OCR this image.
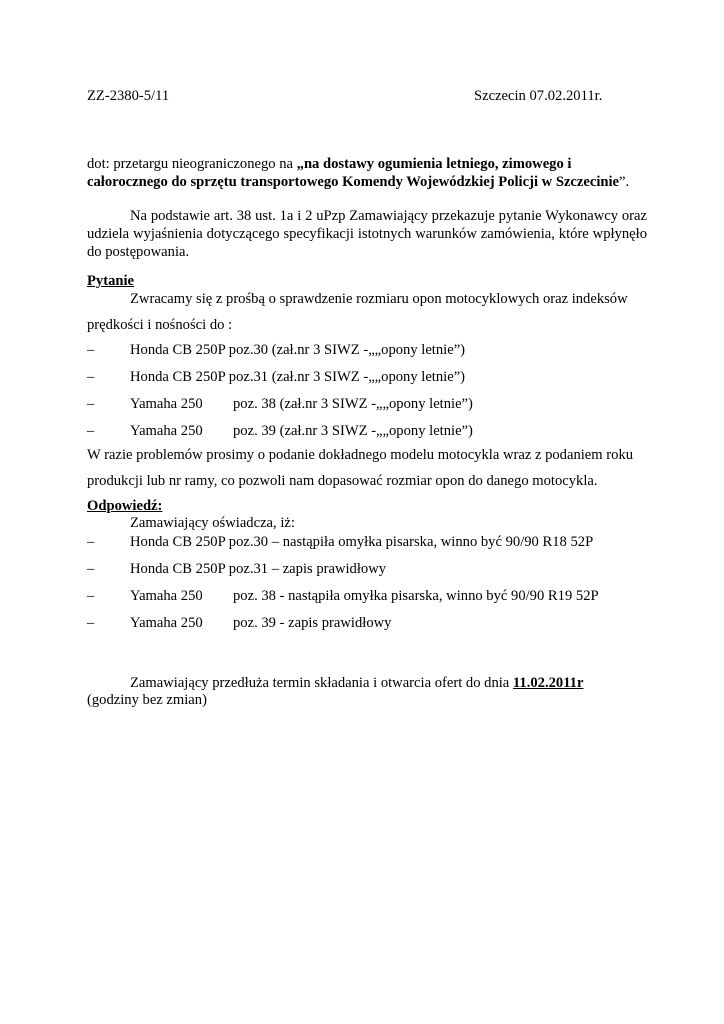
ZZ-2380-5/11	Szczecin 07.02.2011r.

dot: przetargu nieograniczonego na „na dostawy ogumienia letniego, zimowego i całorocznego do sprzętu transportowego Komendy Wojewódzkiej Policji w Szczecinie”.

Na podstawie art. 38 ust. 1a i 2 uPzp Zamawiający przekazuje pytanie Wykonawcy oraz udziela wyjaśnienia dotyczącego specyfikacji istotnych warunków zamówienia, które wpłynęło do postępowania.

Pytanie
Zwracamy się z prośbą o sprawdzenie rozmiaru opon motocyklowych oraz indeksów
prędkości i nośności do :
– Honda CB 250P poz.30 (zał.nr 3 SIWZ -„„opony letnie”)
– Honda CB 250P poz.31 (zał.nr 3 SIWZ -„„opony letnie”)
– Yamaha 250 poz. 38 (zał.nr 3 SIWZ -„„opony letnie”)
– Yamaha 250 poz. 39 (zał.nr 3 SIWZ -„„opony letnie”)
W razie problemów prosimy o podanie dokładnego modelu motocykla wraz z podaniem roku
produkcji lub nr ramy, co pozwoli nam dopasować rozmiar opon do danego motocykla.
Odpowiedź:
Zamawiający oświadcza, iż:
– Honda CB 250P poz.30 – nastąpiła omyłka pisarska, winno być 90/90 R18 52P
– Honda CB 250P poz.31 – zapis prawidłowy
– Yamaha 250 poz. 38 - nastąpiła omyłka pisarska, winno być 90/90 R19 52P
– Yamaha 250 poz. 39 - zapis prawidłowy
Zamawiający przedłuża termin składania i otwarcia ofert do dnia 11.02.2011r
(godziny bez zmian)
